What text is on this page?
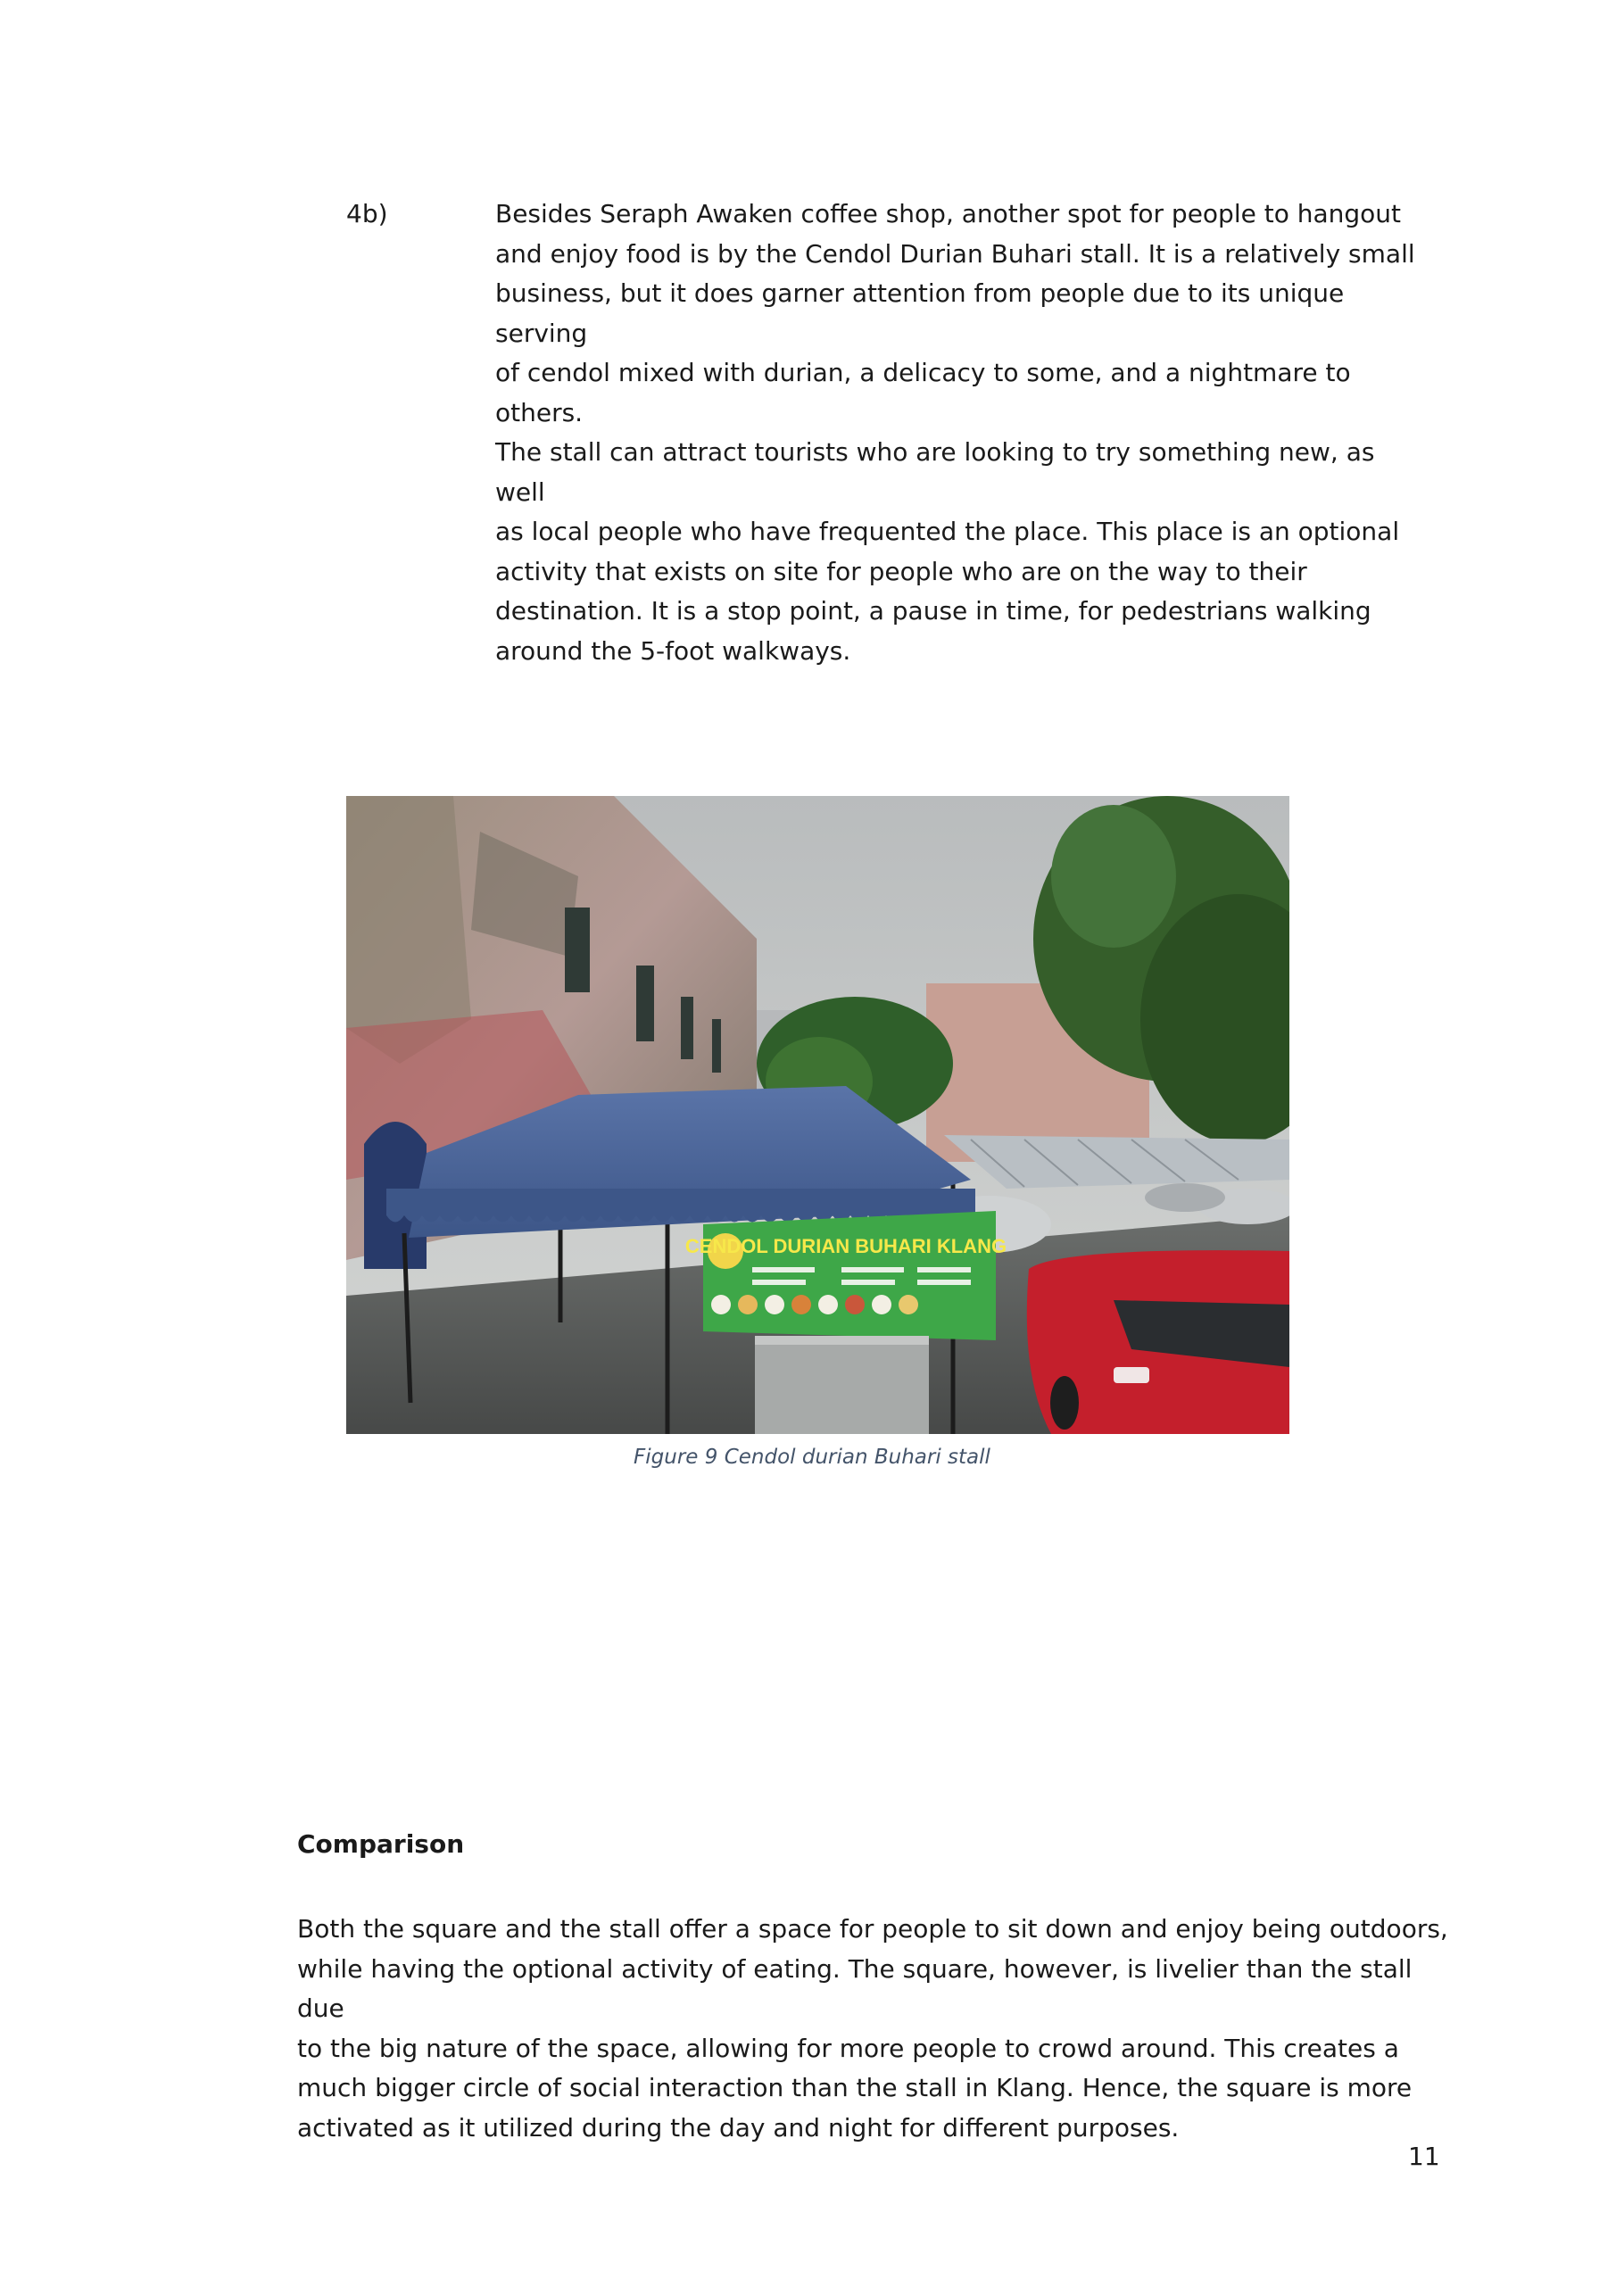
4b)	Besides Seraph Awaken coffee shop, another spot for people to hangout
and enjoy food is by the Cendol Durian Buhari stall. It is a relatively small
business, but it does garner attention from people due to its unique serving
of cendol mixed with durian, a delicacy to some, and a nightmare to others.
The stall can attract tourists who are looking to try something new, as well
as local people who have frequented the place. This place is an optional
activity that exists on site for people who are on the way to their
destination. It is a stop point, a pause in time, for pedestrians walking
around the 5-foot walkways.
CENDOL DURIAN BUHARI KLANG
Figure 9 Cendol durian Buhari stall
Comparison
Both the square and the stall offer a space for people to sit down and enjoy being outdoors,
while having the optional activity of eating. The square, however, is livelier than the stall due
to the big nature of the space, allowing for more people to crowd around. This creates a
much bigger circle of social interaction than the stall in Klang. Hence, the square is more
activated as it utilized during the day and night for different purposes.
11
